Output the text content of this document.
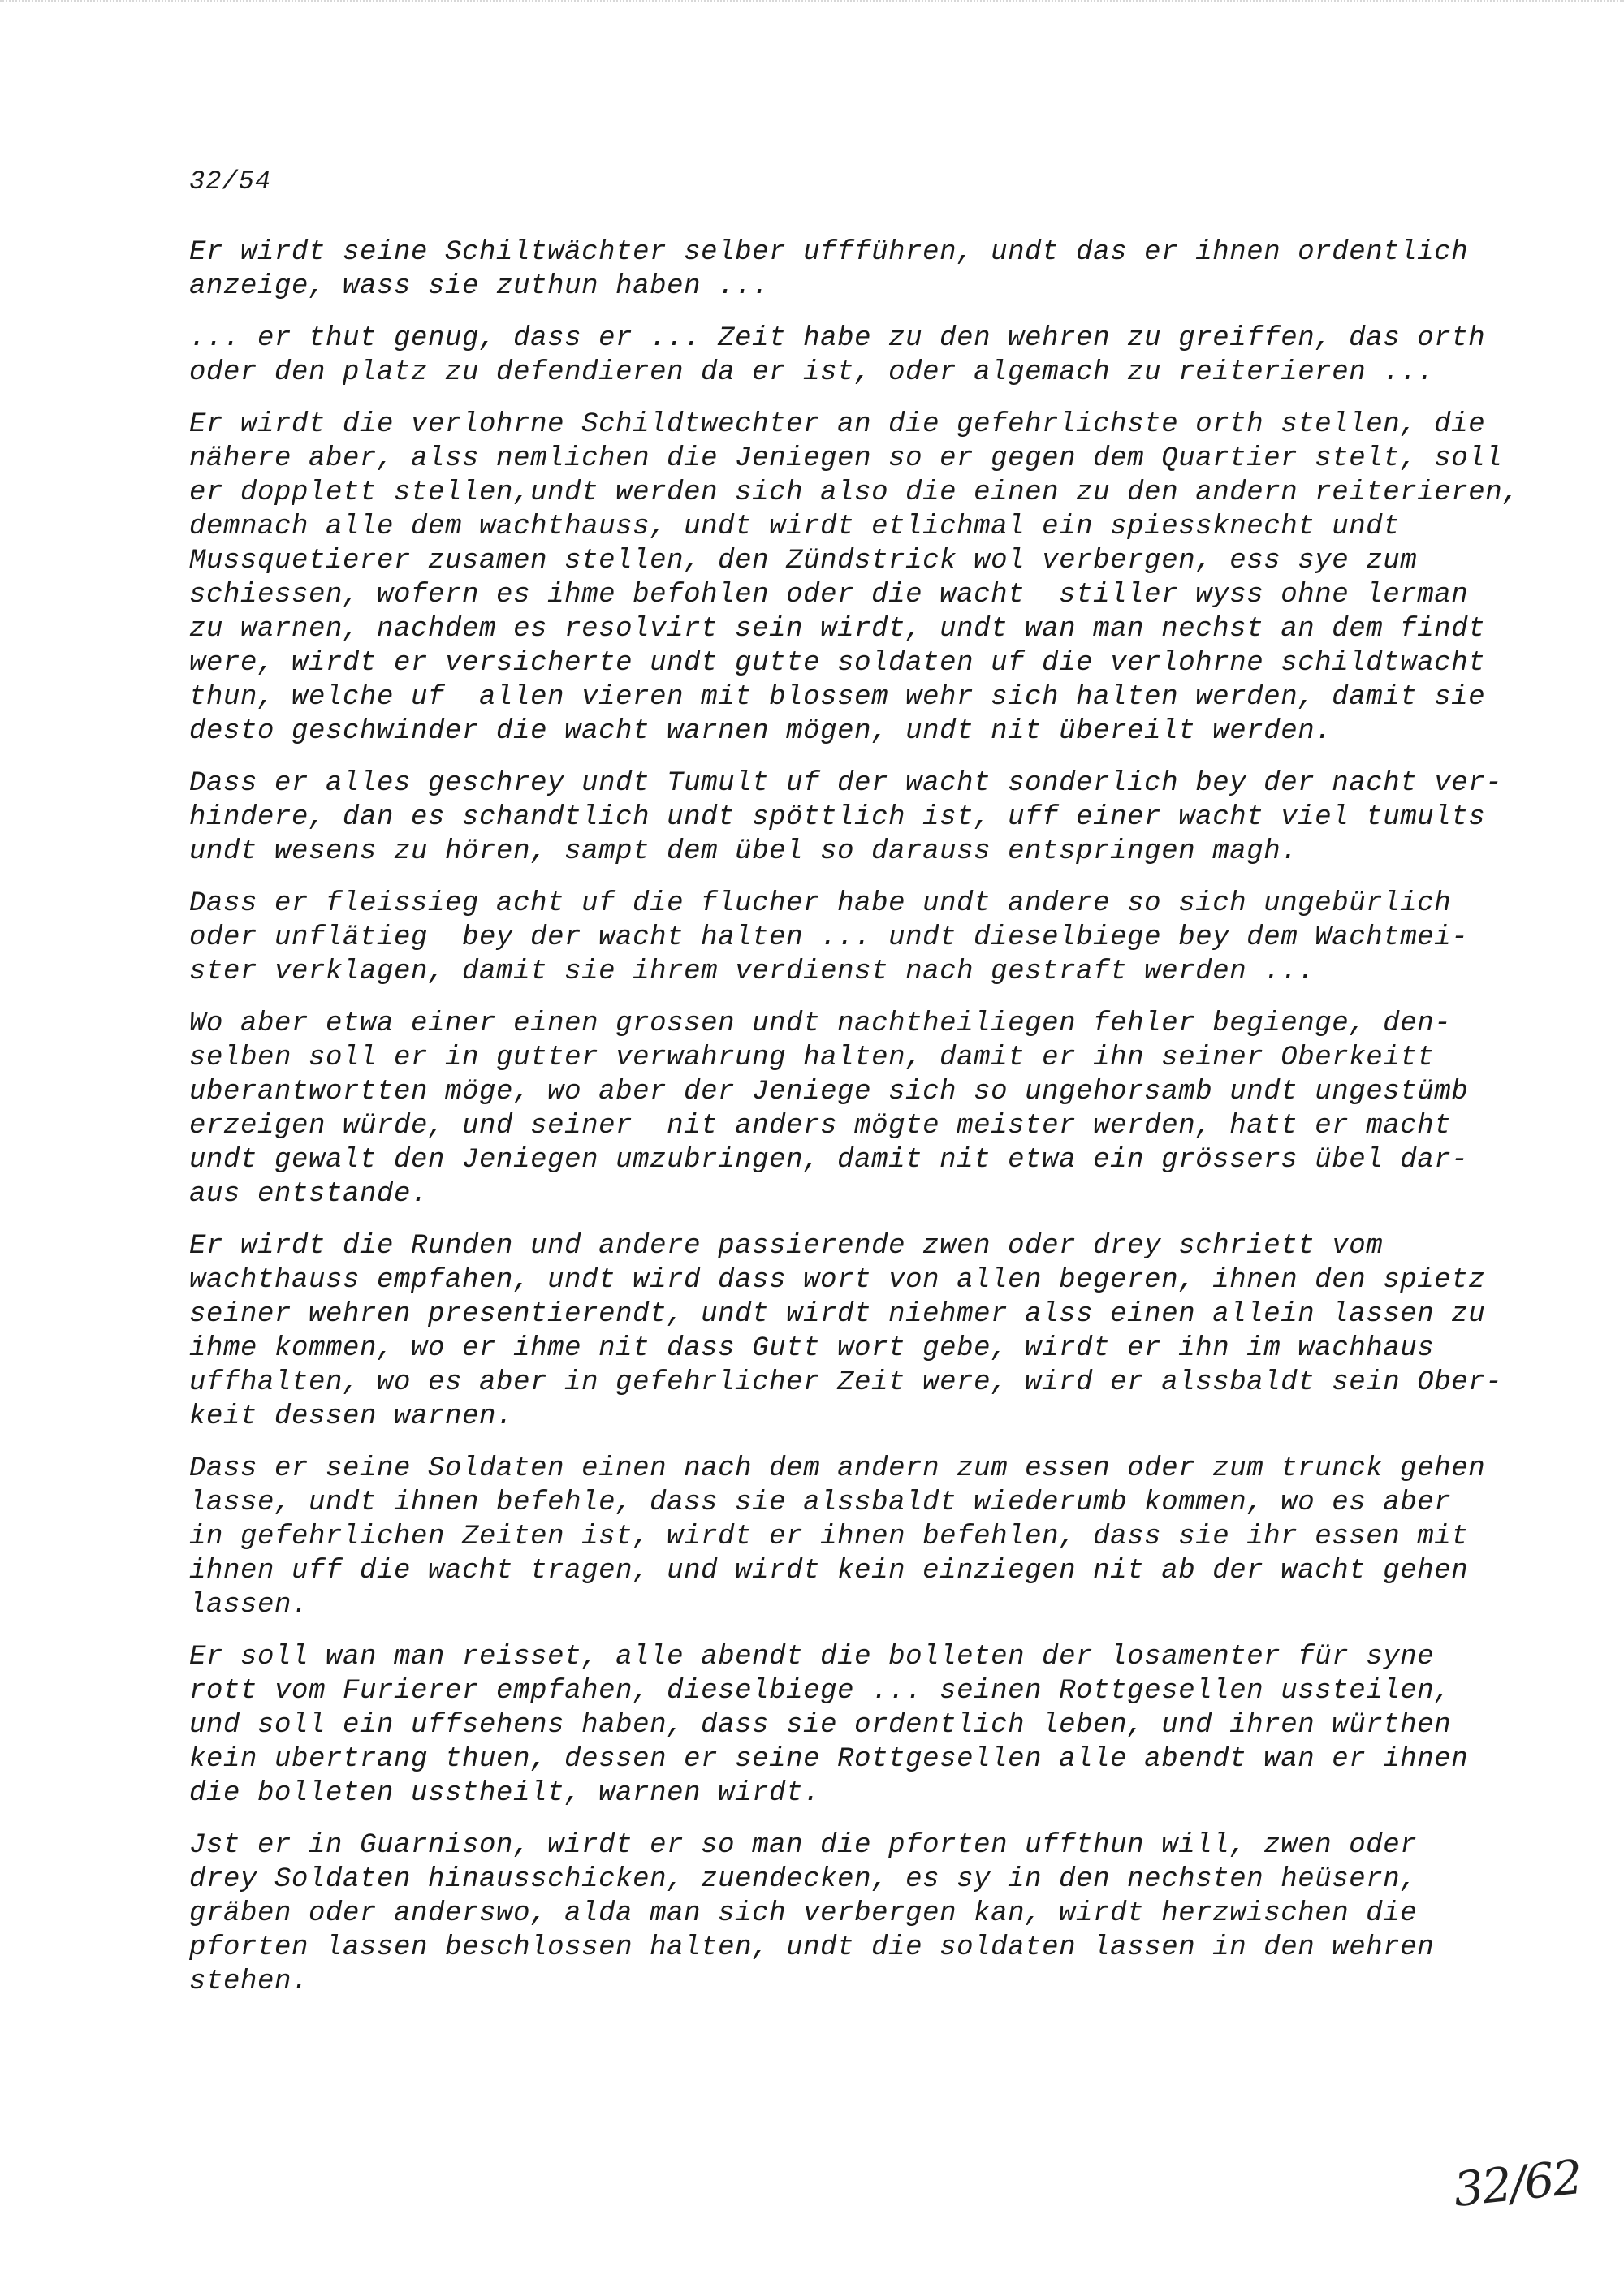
32/54
Er wirdt seine Schiltwächter selber uffführen, undt das er ihnen ordentlich
anzeige, wass sie zuthun haben ...
... er thut genug, dass er ... Zeit habe zu den wehren zu greiffen, das orth
oder den platz zu defendieren da er ist, oder algemach zu reiterieren ...
Er wirdt die verlohrne Schildtwechter an die gefehrlichste orth stellen, die
nähere aber, alss nemlichen die Jeniegen so er gegen dem Quartier stelt, soll
er dopplett stellen,undt werden sich also die einen zu den andern reiterieren,
demnach alle dem wachthauss, undt wirdt etlichmal ein spiessknecht undt
Mussquetierer zusamen stellen, den Zündstrick wol verbergen, ess sye zum
schiessen, wofern es ihme befohlen oder die wacht  stiller wyss ohne lerman
zu warnen, nachdem es resolvirt sein wirdt, undt wan man nechst an dem findt
were, wirdt er versicherte undt gutte soldaten uf die verlohrne schildtwacht
thun, welche uf  allen vieren mit blossem wehr sich halten werden, damit sie
desto geschwinder die wacht warnen mögen, undt nit übereilt werden.
Dass er alles geschrey undt Tumult uf der wacht sonderlich bey der nacht ver-
hindere, dan es schandtlich undt spöttlich ist, uff einer wacht viel tumults
undt wesens zu hören, sampt dem übel so darauss entspringen magh.
Dass er fleissieg acht uf die flucher habe undt andere so sich ungebürlich
oder unflätieg  bey der wacht halten ... undt dieselbiege bey dem Wachtmei-
ster verklagen, damit sie ihrem verdienst nach gestraft werden ...
Wo aber etwa einer einen grossen undt nachtheiliegen fehler begienge, den-
selben soll er in gutter verwahrung halten, damit er ihn seiner Oberkeitt
uberantwortten möge, wo aber der Jeniege sich so ungehorsamb undt ungestümb
erzeigen würde, und seiner  nit anders mögte meister werden, hatt er macht
undt gewalt den Jeniegen umzubringen, damit nit etwa ein grössers übel dar-
aus entstande.
Er wirdt die Runden und andere passierende zwen oder drey schriett vom
wachthauss empfahen, undt wird dass wort von allen begeren, ihnen den spietz
seiner wehren presentierendt, undt wirdt niehmer alss einen allein lassen zu
ihme kommen, wo er ihme nit dass Gutt wort gebe, wirdt er ihn im wachhaus
uffhalten, wo es aber in gefehrlicher Zeit were, wird er alssbaldt sein Ober-
keit dessen warnen.
Dass er seine Soldaten einen nach dem andern zum essen oder zum trunck gehen
lasse, undt ihnen befehle, dass sie alssbaldt wiederumb kommen, wo es aber
in gefehrlichen Zeiten ist, wirdt er ihnen befehlen, dass sie ihr essen mit
ihnen uff die wacht tragen, und wirdt kein einziegen nit ab der wacht gehen
lassen.
Er soll wan man reisset, alle abendt die bolleten der losamenter für syne
rott vom Furierer empfahen, dieselbiege ... seinen Rottgesellen ussteilen,
und soll ein uffsehens haben, dass sie ordentlich leben, und ihren würthen
kein ubertrang thuen, dessen er seine Rottgesellen alle abendt wan er ihnen
die bolleten usstheilt, warnen wirdt.
Jst er in Guarnison, wirdt er so man die pforten uffthun will, zwen oder
drey Soldaten hinausschicken, zuendecken, es sy in den nechsten heüsern,
gräben oder anderswo, alda man sich verbergen kan, wirdt herzwischen die
pforten lassen beschlossen halten, undt die soldaten lassen in den wehren
stehen.
32/62
